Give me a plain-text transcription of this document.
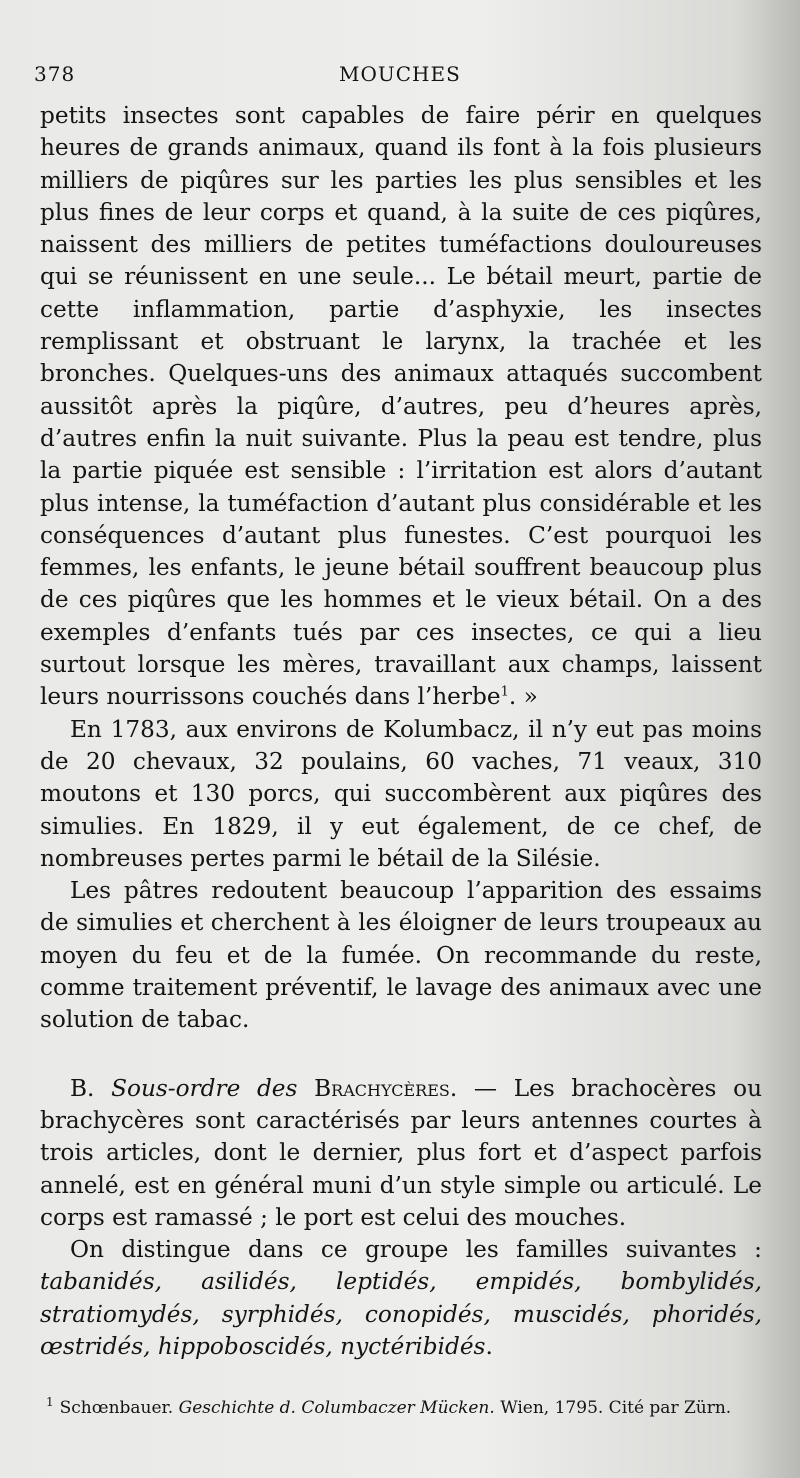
378	MOUCHES

petits insectes sont capables de faire périr en quelques heures de grands animaux, quand ils font à la fois plusieurs milliers de piqûres sur les parties les plus sensibles et les plus fines de leur corps et quand, à la suite de ces piqûres, naissent des milliers de petites tuméfactions douloureuses qui se réunissent en une seule... Le bétail meurt, partie de cette inflammation, partie d’asphyxie, les insectes remplissant et obstruant le larynx, la trachée et les bronches. Quelques-uns des animaux attaqués succombent aussitôt après la piqûre, d’autres, peu d’heures après, d’autres enfin la nuit suivante. Plus la peau est tendre, plus la partie piquée est sensible : l’irritation est alors d’autant plus intense, la tuméfaction d’autant plus considérable et les conséquences d’autant plus funestes. C’est pourquoi les femmes, les enfants, le jeune bétail souffrent beaucoup plus de ces piqûres que les hommes et le vieux bétail. On a des exemples d’enfants tués par ces insectes, ce qui a lieu surtout lorsque les mères, travaillant aux champs, laissent leurs nourrissons couchés dans l’herbe$^1$. »

En 1783, aux environs de Kolumbacz, il n’y eut pas moins de 20 chevaux, 32 poulains, 60 vaches, 71 veaux, 310 moutons et 130 porcs, qui succombèrent aux piqûres des simulies. En 1829, il y eut également, de ce chef, de nombreuses pertes parmi le bétail de la Silésie.

Les pâtres redoutent beaucoup l’apparition des essaims de simulies et cherchent à les éloigner de leurs troupeaux au moyen du feu et de la fumée. On recommande du reste, comme traitement préventif, le lavage des animaux avec une solution de tabac.

B. Sous-ordre des Brachycères. — Les brachocères ou brachycères sont caractérisés par leurs antennes courtes à trois articles, dont le dernier, plus fort et d’aspect parfois annelé, est en général muni d’un style simple ou articulé. Le corps est ramassé ; le port est celui des mouches.

On distingue dans ce groupe les familles suivantes : tabanidés, asilidés, leptidés, empidés, bombylidés, stratiomydés, syrphidés, conopidés, muscidés, phoridés, œstridés, hippoboscidés, nyctéribidés.

$^1$ Schœnbauer. Geschichte d. Columbaczer Mücken. Wien, 1795. Cité par Zürn.
